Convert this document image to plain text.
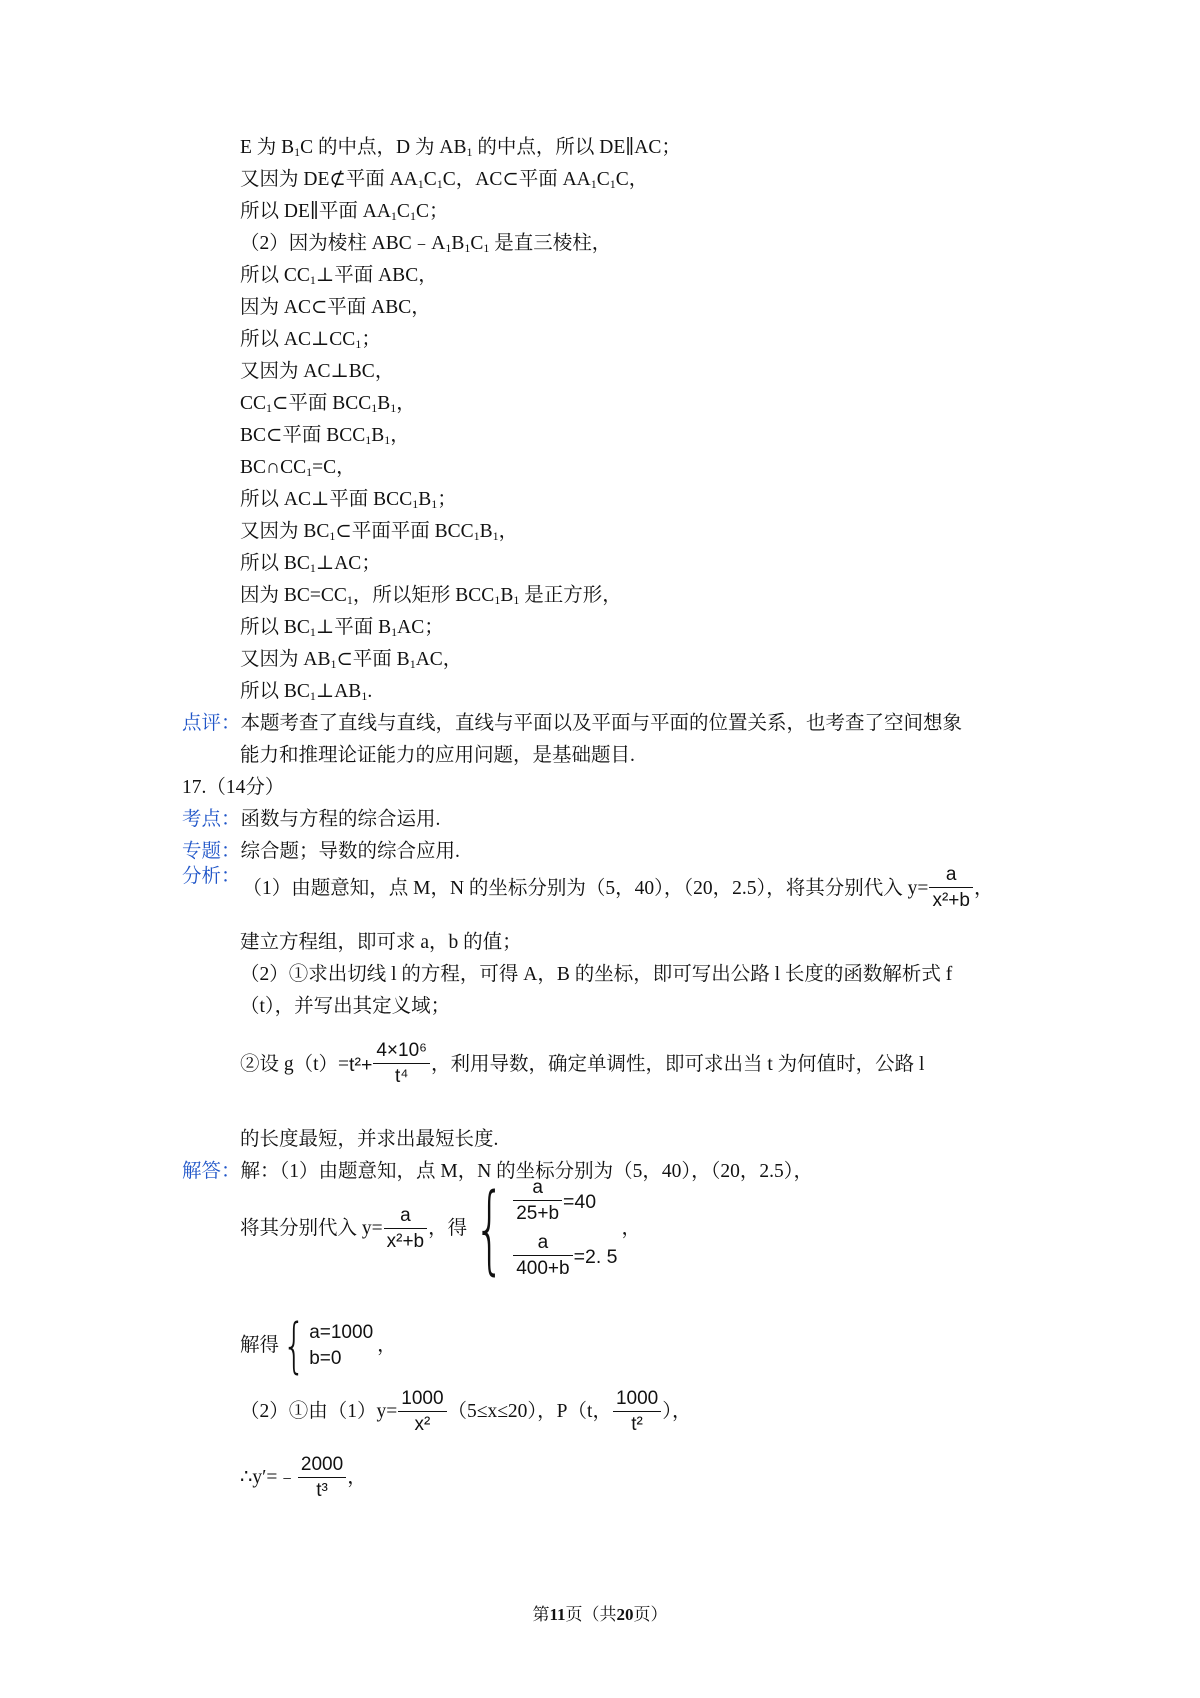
E 为 $B_1C$ 的中点，D 为 $AB_1$ 的中点，所以 DE∥AC；
又因为 DE⊄平面 $AA_1C_1C$，AC⊂平面 $AA_1C_1C$，
所以 DE∥平面 $AA_1C_1C$；
（2）因为棱柱 $ABC﹣A_1B_1C_1$ 是直三棱柱，
所以 $CC_1\perp$平面 ABC，
因为 AC⊂平面 ABC，
所以 $AC\perp CC_1$；
又因为 AC⊥BC，
$CC_1\subset$平面 $BCC_1B_1$，
BC⊂平面 $BCC_1B_1$，
$BC\cap CC_1=C$，
所以 AC⊥平面 $BCC_1B_1$；
又因为 $BC_1\subset$平面平面 $BCC_1B_1$，
所以 $BC_1\perp AC$；
因为 $BC=CC_1$，所以矩形 $BCC_1B_1$ 是正方形，
所以 $BC_1\perp$平面 $B_1AC$；
又因为 $AB_1\subset$平面 $B_1AC$，
所以 $BC_1\perp AB_1$.
点评：本题考查了直线与直线，直线与平面以及平面与平面的位置关系，也考查了空间想象
能力和推理论证能力的应用问题，是基础题目.
17.（14分）
考点：函数与方程的综合运用.
专题：综合题；导数的综合应用.
分析：
（1）由题意知，点 M，N 的坐标分别为（5，40），（20，2.5），将其分别代入 $y= \frac{a}{\text{x²+b}}$ ，
建立方程组，即可求 a，b 的值；
（2）①求出切线 l 的方程，可得 A，B 的坐标，即可写出公路 l 长度的函数解析式 f
（t），并写出其定义域；
②设 $g(t)= t^2+ \frac{\text{4×10⁶}}{\text{t⁴}}$ ，利用导数，确定单调性，即可求出当 t 为何值时，公路 l
的长度最短，并求出最短长度.
解答：解：（1）由题意知，点 M，N 的坐标分别为（5，40），（20，2.5），
将其分别代入 $y= \frac{a}{\text{x²+b}}$ ，得 { $\frac{a}{25+b} =40$
$\frac{a}{400+b} =2$. 5
，
解得 { a=1000
b=0
，
（2）①由$(1)y= \frac{1000}{\text{x²}} (5\le x\le 20)$，P（t， $\frac{1000}{\text{t²}}$ ），
∴y′=﹣ $\frac{2000}{\text{t³}}$ ，
第11页（共20页）
